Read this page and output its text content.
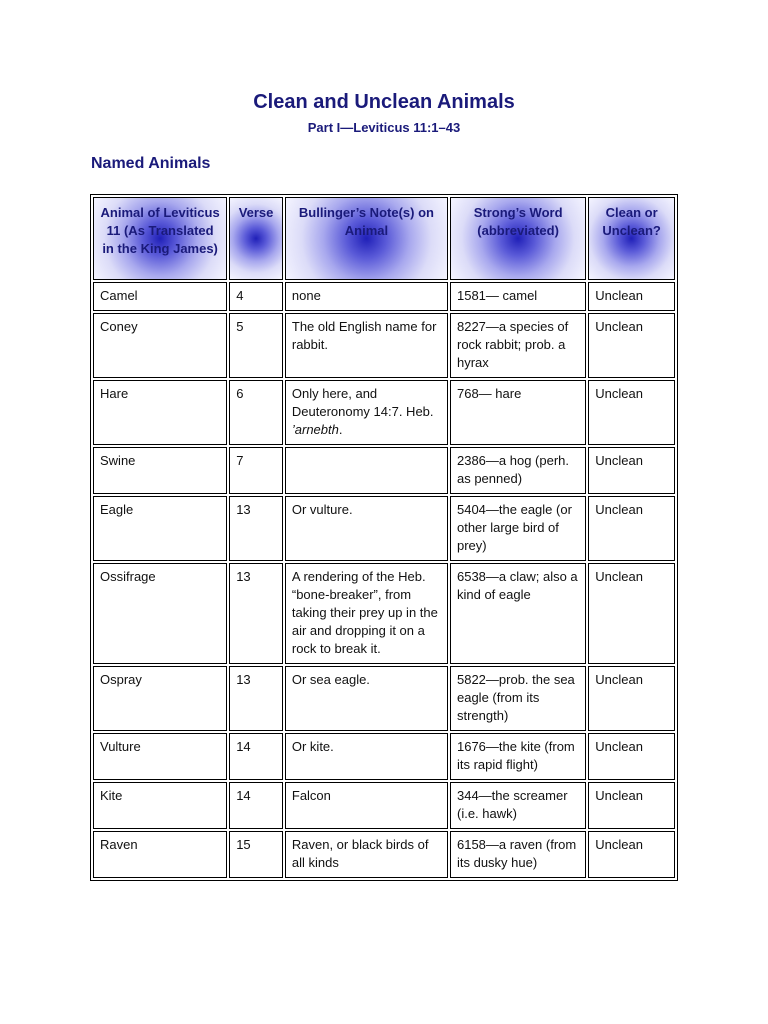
Clean and Unclean Animals
Part I—Leviticus 11:1–43
Named Animals
Animal of Leviticus 11 (As Translated in the King James)	Verse	Bullinger’s Note(s) on Animal	Strong’s Word (abbreviated)	Clean or Unclean?
Camel	4	none	1581— camel	Unclean
Coney	5	The old English name for rabbit.	8227—a species of rock rabbit; prob. a hyrax	Unclean
Hare	6	Only here, and Deuteronomy 14:7. Heb. ’arnebth.	768— hare	Unclean
Swine	7		2386—a hog (perh. as penned)	Unclean
Eagle	13	Or vulture.	5404—the eagle (or other large bird of prey)	Unclean
Ossifrage	13	A rendering of the Heb. “bone-breaker”, from taking their prey up in the air and dropping it on a rock to break it.	6538—a claw; also a kind of eagle	Unclean
Ospray	13	Or sea eagle.	5822—prob. the sea eagle (from its strength)	Unclean
Vulture	14	Or kite.	1676—the kite (from its rapid flight)	Unclean
Kite	14	Falcon	344—the screamer (i.e. hawk)	Unclean
Raven	15	Raven, or black birds of all kinds	6158—a raven (from its dusky hue)	Unclean
